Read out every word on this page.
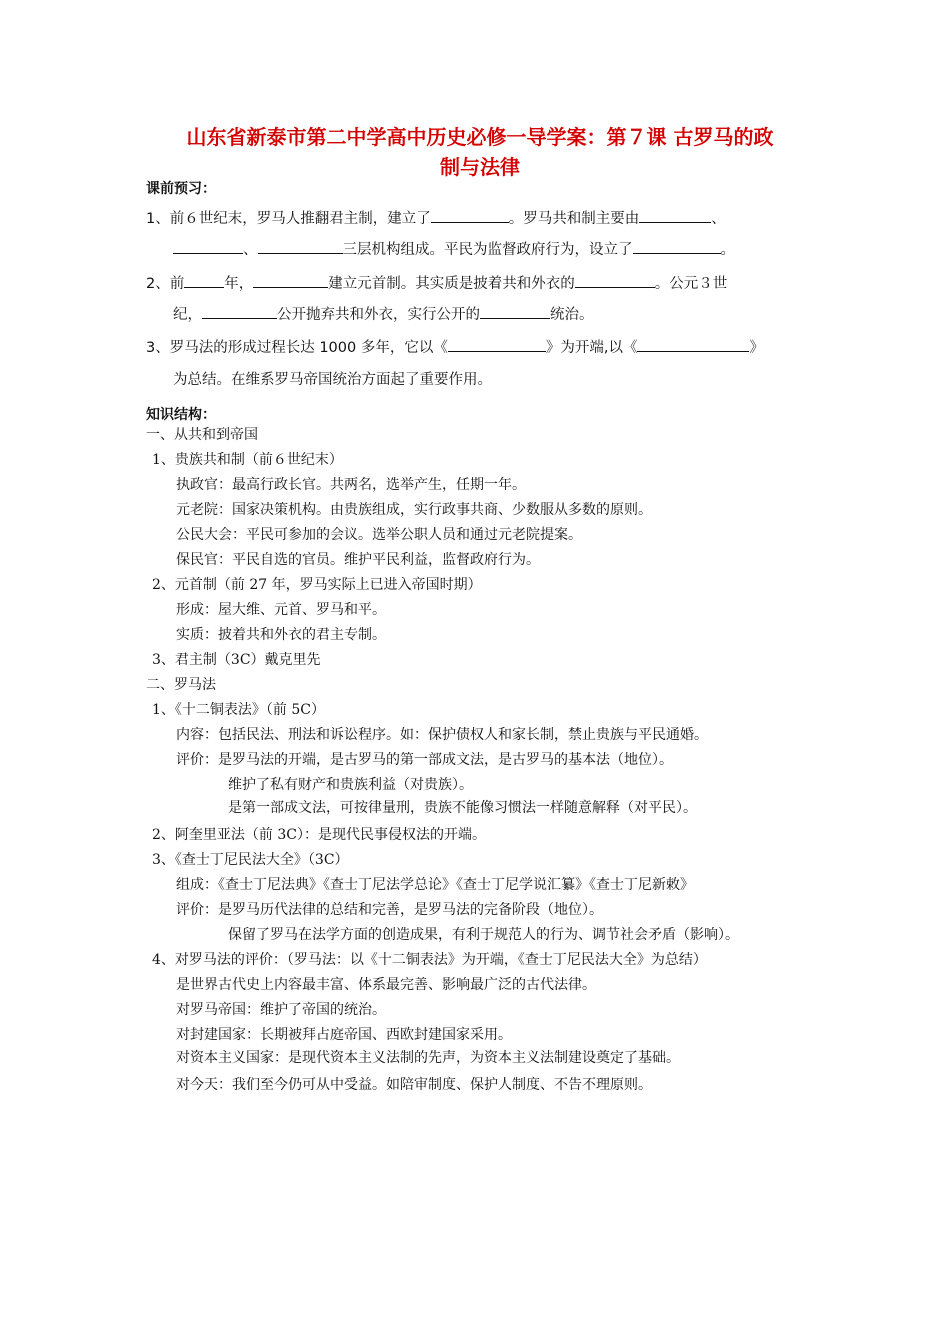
山东省新泰市第二中学高中历史必修一导学案：第７课 古罗马的政
制与法律
课前预习：
1、前６世纪末，罗马人推翻君主制，建立了	。罗马共和制主要由	、
、	三层机构组成。平民为监督政府行为，设立了	。
2、前	年，	建立元首制。其实质是披着共和外衣的	。公元３世
纪，	公开抛弃共和外衣，实行公开的	统治。
3、罗马法的形成过程长达 1000 多年，它以《	》为开端,以《	》
为总结。在维系罗马帝国统治方面起了重要作用。
知识结构：
一、从共和到帝国
1、贵族共和制（前６世纪末）
执政官：最高行政长官。共两名，选举产生，任期一年。
元老院：国家决策机构。由贵族组成，实行政事共商、少数服从多数的原则。
公民大会：平民可参加的会议。选举公职人员和通过元老院提案。
保民官：平民自选的官员。维护平民利益，监督政府行为。
2、元首制（前 27 年，罗马实际上已进入帝国时期）
形成：屋大维、元首、罗马和平。
实质：披着共和外衣的君主专制。
3、君主制（3C）戴克里先
二、罗马法
1、《十二铜表法》（前 5C）
内容：包括民法、刑法和诉讼程序。如：保护债权人和家长制，禁止贵族与平民通婚。
评价：是罗马法的开端，是古罗马的第一部成文法，是古罗马的基本法（地位）。
维护了私有财产和贵族利益（对贵族）。
是第一部成文法，可按律量刑，贵族不能像习惯法一样随意解释（对平民）。
2、阿奎里亚法（前 3C）：是现代民事侵权法的开端。
3、《查士丁尼民法大全》（3C）
组成：《查士丁尼法典》《查士丁尼法学总论》《查士丁尼学说汇纂》《查士丁尼新敕》
评价：是罗马历代法律的总结和完善，是罗马法的完备阶段（地位）。
保留了罗马在法学方面的创造成果，有利于规范人的行为、调节社会矛盾（影响）。
4、对罗马法的评价：（罗马法：以《十二铜表法》为开端，《查士丁尼民法大全》为总结）
是世界古代史上内容最丰富、体系最完善、影响最广泛的古代法律。
对罗马帝国：维护了帝国的统治。
对封建国家：长期被拜占庭帝国、西欧封建国家采用。
对资本主义国家：是现代资本主义法制的先声，为资本主义法制建设奠定了基础。
对今天：我们至今仍可从中受益。如陪审制度、保护人制度、不告不理原则。
